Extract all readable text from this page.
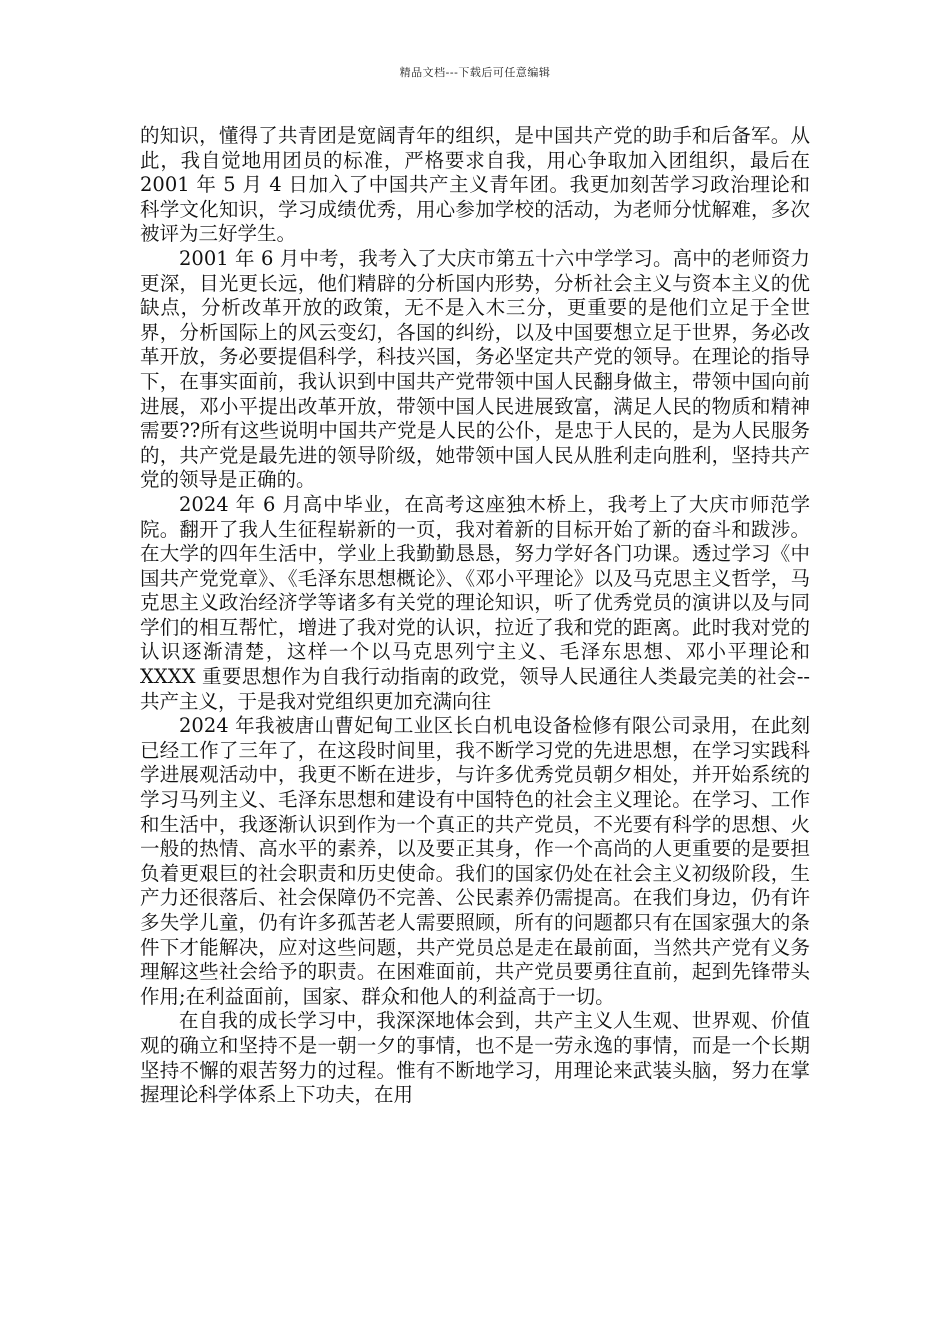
精品文档---下载后可任意编辑

的知识，懂得了共青团是宽阔青年的组织，是中国共产党的助手和后备军。从此，我自觉地用团员的标准，严格要求自我，用心争取加入团组织，最后在 2001 年 5 月 4 日加入了中国共产主义青年团。我更加刻苦学习政治理论和科学文化知识，学习成绩优秀，用心参加学校的活动，为老师分忧解难，多次被评为三好学生。

2001 年 6 月中考，我考入了大庆市第五十六中学学习。高中的老师资力更深，目光更长远，他们精辟的分析国内形势，分析社会主义与资本主义的优缺点，分析改革开放的政策，无不是入木三分，更重要的是他们立足于全世界，分析国际上的风云变幻，各国的纠纷，以及中国要想立足于世界，务必改革开放，务必要提倡科学，科技兴国，务必坚定共产党的领导。在理论的指导下，在事实面前，我认识到中国共产党带领中国人民翻身做主，带领中国向前进展，邓小平提出改革开放，带领中国人民进展致富，满足人民的物质和精神需要??所有这些说明中国共产党是人民的公仆，是忠于人民的，是为人民服务的，共产党是最先进的领导阶级，她带领中国人民从胜利走向胜利，坚持共产党的领导是正确的。

2024 年 6 月高中毕业，在高考这座独木桥上，我考上了大庆市师范学院。翻开了我人生征程崭新的一页，我对着新的目标开始了新的奋斗和跋涉。在大学的四年生活中，学业上我勤勤恳恳，努力学好各门功课。透过学习《中国共产党党章》、《毛泽东思想概论》、《邓小平理论》以及马克思主义哲学，马克思主义政治经济学等诸多有关党的理论知识，听了优秀党员的演讲以及与同学们的相互帮忙，增进了我对党的认识，拉近了我和党的距离。此时我对党的认识逐渐清楚，这样一个以马克思列宁主义、毛泽东思想、邓小平理论和 XXXX 重要思想作为自我行动指南的政党，领导人民通往人类最完美的社会--共产主义，于是我对党组织更加充满向往

2024 年我被唐山曹妃甸工业区长白机电设备检修有限公司录用，在此刻已经工作了三年了，在这段时间里，我不断学习党的先进思想，在学习实践科学进展观活动中，我更不断在进步，与许多优秀党员朝夕相处，并开始系统的学习马列主义、毛泽东思想和建设有中国特色的社会主义理论。在学习、工作和生活中，我逐渐认识到作为一个真正的共产党员，不光要有科学的思想、火一般的热情、高水平的素养，以及要正其身，作一个高尚的人更重要的是要担负着更艰巨的社会职责和历史使命。我们的国家仍处在社会主义初级阶段，生产力还很落后、社会保障仍不完善、公民素养仍需提高。在我们身边，仍有许多失学儿童，仍有许多孤苦老人需要照顾，所有的问题都只有在国家强大的条件下才能解决，应对这些问题，共产党员总是走在最前面，当然共产党有义务理解这些社会给予的职责。在困难面前，共产党员要勇往直前，起到先锋带头作用;在利益面前，国家、群众和他人的利益高于一切。

在自我的成长学习中，我深深地体会到，共产主义人生观、世界观、价值观的确立和坚持不是一朝一夕的事情，也不是一劳永逸的事情，而是一个长期坚持不懈的艰苦努力的过程。惟有不断地学习，用理论来武装头脑，努力在掌握理论科学体系上下功夫，在用
